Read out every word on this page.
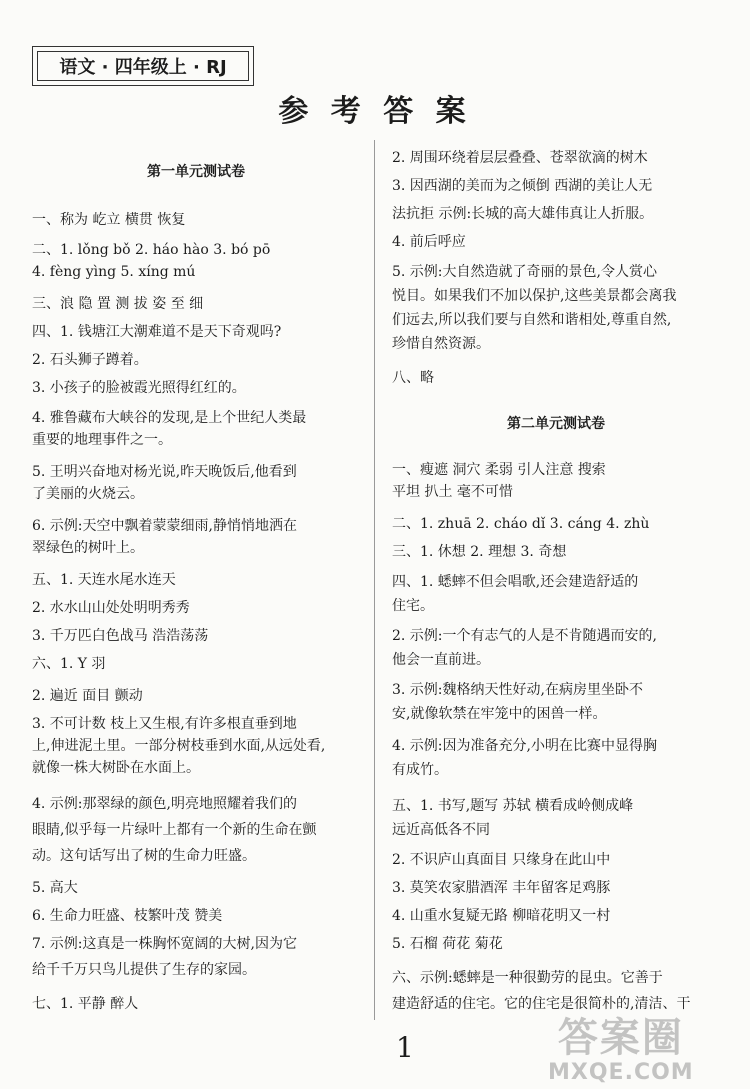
语文 · 四年级上 · RJ
参 考 答 案
第一单元测试卷
一、称为 屹立 横贯 恢复
二、1. lǒng bǒ 2. háo hào 3. bó pō
4. fèng yìng 5. xíng mú
三、浪 隐 置 测 拔 姿 至 细
四、1. 钱塘江大潮难道不是天下奇观吗?
2. 石头狮子蹲着。
3. 小孩子的脸被霞光照得红红的。
4. 雅鲁藏布大峡谷的发现,是上个世纪人类最
重要的地理事件之一。
5. 王明兴奋地对杨光说,昨天晚饭后,他看到
了美丽的火烧云。
6. 示例:天空中飘着蒙蒙细雨,静悄悄地洒在
翠绿色的树叶上。
五、1. 天连水尾水连天
2. 水水山山处处明明秀秀
3. 千万匹白色战马 浩浩荡荡
六、1. Y 羽
2. 遍近 面目 颤动
3. 不可计数 枝上又生根,有许多根直垂到地
上,伸进泥土里。一部分树枝垂到水面,从远处看,
就像一株大树卧在水面上。
4. 示例:那翠绿的颜色,明亮地照耀着我们的
眼睛,似乎每一片绿叶上都有一个新的生命在颤
动。这句话写出了树的生命力旺盛。
5. 高大
6. 生命力旺盛、枝繁叶茂 赞美
7. 示例:这真是一株胸怀宽阔的大树,因为它
给千千万只鸟儿提供了生存的家园。
七、1. 平静 醉人
2. 周围环绕着层层叠叠、苍翠欲滴的树木
3. 因西湖的美而为之倾倒 西湖的美让人无
法抗拒 示例:长城的高大雄伟真让人折服。
4. 前后呼应
5. 示例:大自然造就了奇丽的景色,令人赏心
悦目。如果我们不加以保护,这些美景都会离我
们远去,所以我们要与自然和谐相处,尊重自然,
珍惜自然资源。
八、略
第二单元测试卷
一、瘦遮 洞穴 柔弱 引人注意 搜索
平坦 扒土 毫不可惜
二、1. zhuā 2. cháo dǐ 3. cáng 4. zhù
三、1. 休想 2. 理想 3. 奇想
四、1. 蟋蟀不但会唱歌,还会建造舒适的
住宅。
2. 示例:一个有志气的人是不肯随遇而安的,
他会一直前进。
3. 示例:魏格纳天性好动,在病房里坐卧不
安,就像软禁在牢笼中的困兽一样。
4. 示例:因为准备充分,小明在比赛中显得胸
有成竹。
五、1. 书写,题写 苏轼 横看成岭侧成峰
远近高低各不同
2. 不识庐山真面目 只缘身在此山中
3. 莫笑农家腊酒浑 丰年留客足鸡豚
4. 山重水复疑无路 柳暗花明又一村
5. 石榴 荷花 菊花
六、示例:蟋蟀是一种很勤劳的昆虫。它善于
建造舒适的住宅。它的住宅是很简朴的,清洁、干
1	答案圈
MXQE.COM
